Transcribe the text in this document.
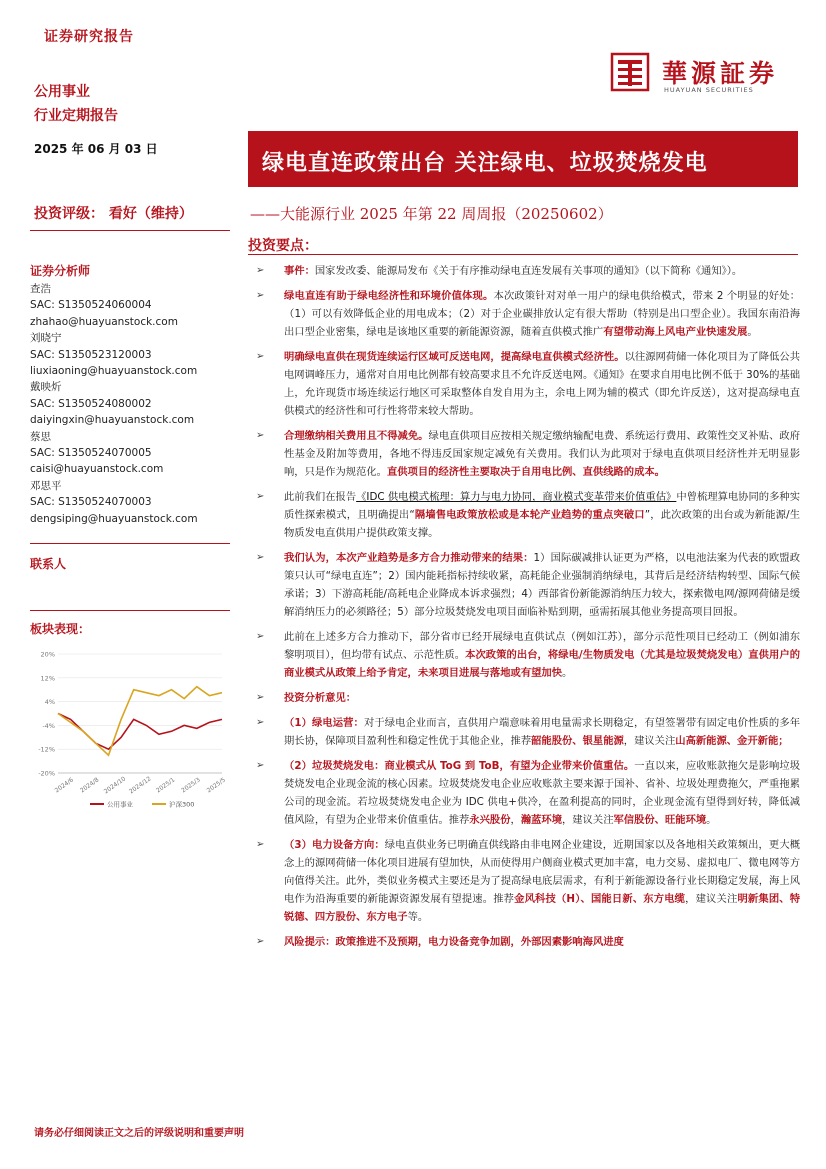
证券研究报告
公用事业
行业定期报告
2025 年 06 月 03 日
華源証券
HUAYUAN SECURITIES
绿电直连政策出台 关注绿电、垃圾焚烧发电
投资评级： 看好（维持）	——大能源行业 2025 年第 22 周周报（20250602）
证券分析师
查浩
SAC: S1350524060004
zhahao@huayuanstock.com
刘晓宁
SAC: S1350523120003
liuxiaoning@huayuanstock.com
戴映炘
SAC: S1350524080002
daiyingxin@huayuanstock.com
蔡思
SAC: S1350524070005
caisi@huayuanstock.com
邓思平
SAC: S1350524070003
dengsiping@huayuanstock.com
联系人
板块表现：
20%
12%
4%
-4%
-12%
-20%
2024/6 2024/8 2024/10 2024/12 2025/1 2025/3 2025/5
公用事业	沪深300
投资要点：
➢ 事件：国家发改委、能源局发布《关于有序推动绿电直连发展有关事项的通知》（以下简称《通知》）。
➢ 绿电直连有助于绿电经济性和环境价值体现。本次政策针对对单一用户的绿电供给模式，带来 2 个明显的好处：（1）可以有效降低企业的用电成本；（2）对于企业碳排放认定有很大帮助（特别是出口型企业）。我国东南沿海出口型企业密集，绿电是该地区重要的新能源资源，随着直供模式推广有望带动海上风电产业快速发展。
➢ 明确绿电直供在现货连续运行区域可反送电网，提高绿电直供模式经济性。以往源网荷储一体化项目为了降低公共电网调峰压力，通常对自用电比例都有较高要求且不允许反送电网。《通知》在要求自用电比例不低于 30%的基础上，允许现货市场连续运行地区可采取整体自发自用为主，余电上网为辅的模式（即允许反送），这对提高绿电直供模式的经济性和可行性将带来较大帮助。
➢ 合理缴纳相关费用且不得减免。绿电直供项目应按相关规定缴纳输配电费、系统运行费用、政策性交叉补贴、政府性基金及附加等费用，各地不得违反国家规定减免有关费用。我们认为此项对于绿电直供项目经济性并无明显影响，只是作为规范化。直供项目的经济性主要取决于自用电比例、直供线路的成本。
➢ 此前我们在报告《IDC 供电模式梳理：算力与电力协同，商业模式变革带来价值重估》中曾梳理算电协同的多种实质性探索模式，且明确提出“隔墙售电政策放松或是本轮产业趋势的重点突破口”，此次政策的出台或为新能源/生物质发电直供用户提供政策支撑。
➢ 我们认为，本次产业趋势是多方合力推动带来的结果：1）国际碳减排认证更为严格，以电池法案为代表的欧盟政策只认可“绿电直连”；2）国内能耗指标持续收紧，高耗能企业强制消纳绿电，其背后是经济结构转型、国际气候承诺；3）下游高耗能/高耗电企业降成本诉求强烈；4）西部省份新能源消纳压力较大，探索微电网/源网荷储是缓解消纳压力的必须路径；5）部分垃圾焚烧发电项目面临补贴到期，亟需拓展其他业务提高项目回报。
➢ 此前在上述多方合力推动下，部分省市已经开展绿电直供试点（例如江苏），部分示范性项目已经动工（例如浦东黎明项目），但均带有试点、示范性质。本次政策的出台，将绿电/生物质发电（尤其是垃圾焚烧发电）直供用户的商业模式从政策上给予肯定，未来项目进展与落地或有望加快。
➢ 投资分析意见：
➢ （1）绿电运营：对于绿电企业而言，直供用户端意味着用电量需求长期稳定，有望签署带有固定电价性质的多年期长协，保障项目盈利性和稳定性优于其他企业，推荐韶能股份、银星能源，建议关注山高新能源、金开新能；
➢ （2）垃圾焚烧发电：商业模式从 ToG 到 ToB，有望为企业带来价值重估。一直以来，应收账款拖欠是影响垃圾焚烧发电企业现金流的核心因素。垃圾焚烧发电企业应收账款主要来源于国补、省补、垃圾处理费拖欠，严重拖累公司的现金流。若垃圾焚烧发电企业为 IDC 供电+供冷，在盈利提高的同时，企业现金流有望得到好转，降低减值风险，有望为企业带来价值重估。推荐永兴股份，瀚蓝环境，建议关注军信股份、旺能环境。
➢ （3）电力设备方向：绿电直供业务已明确直供线路由非电网企业建设，近期国家以及各地相关政策频出，更大概念上的源网荷储一体化项目进展有望加快，从而使得用户侧商业模式更加丰富，电力交易、虚拟电厂、微电网等方向值得关注。此外，类似业务模式主要还是为了提高绿电底层需求，有利于新能源设备行业长期稳定发展，海上风电作为沿海重要的新能源资源发展有望提速。推荐金风科技（H）、国能日新、东方电缆，建议关注明新集团、特锐德、四方股份、东方电子等。
➢ 风险提示：政策推进不及预期，电力设备竞争加剧，外部因素影响海风进度
请务必仔细阅读正文之后的评级说明和重要声明
